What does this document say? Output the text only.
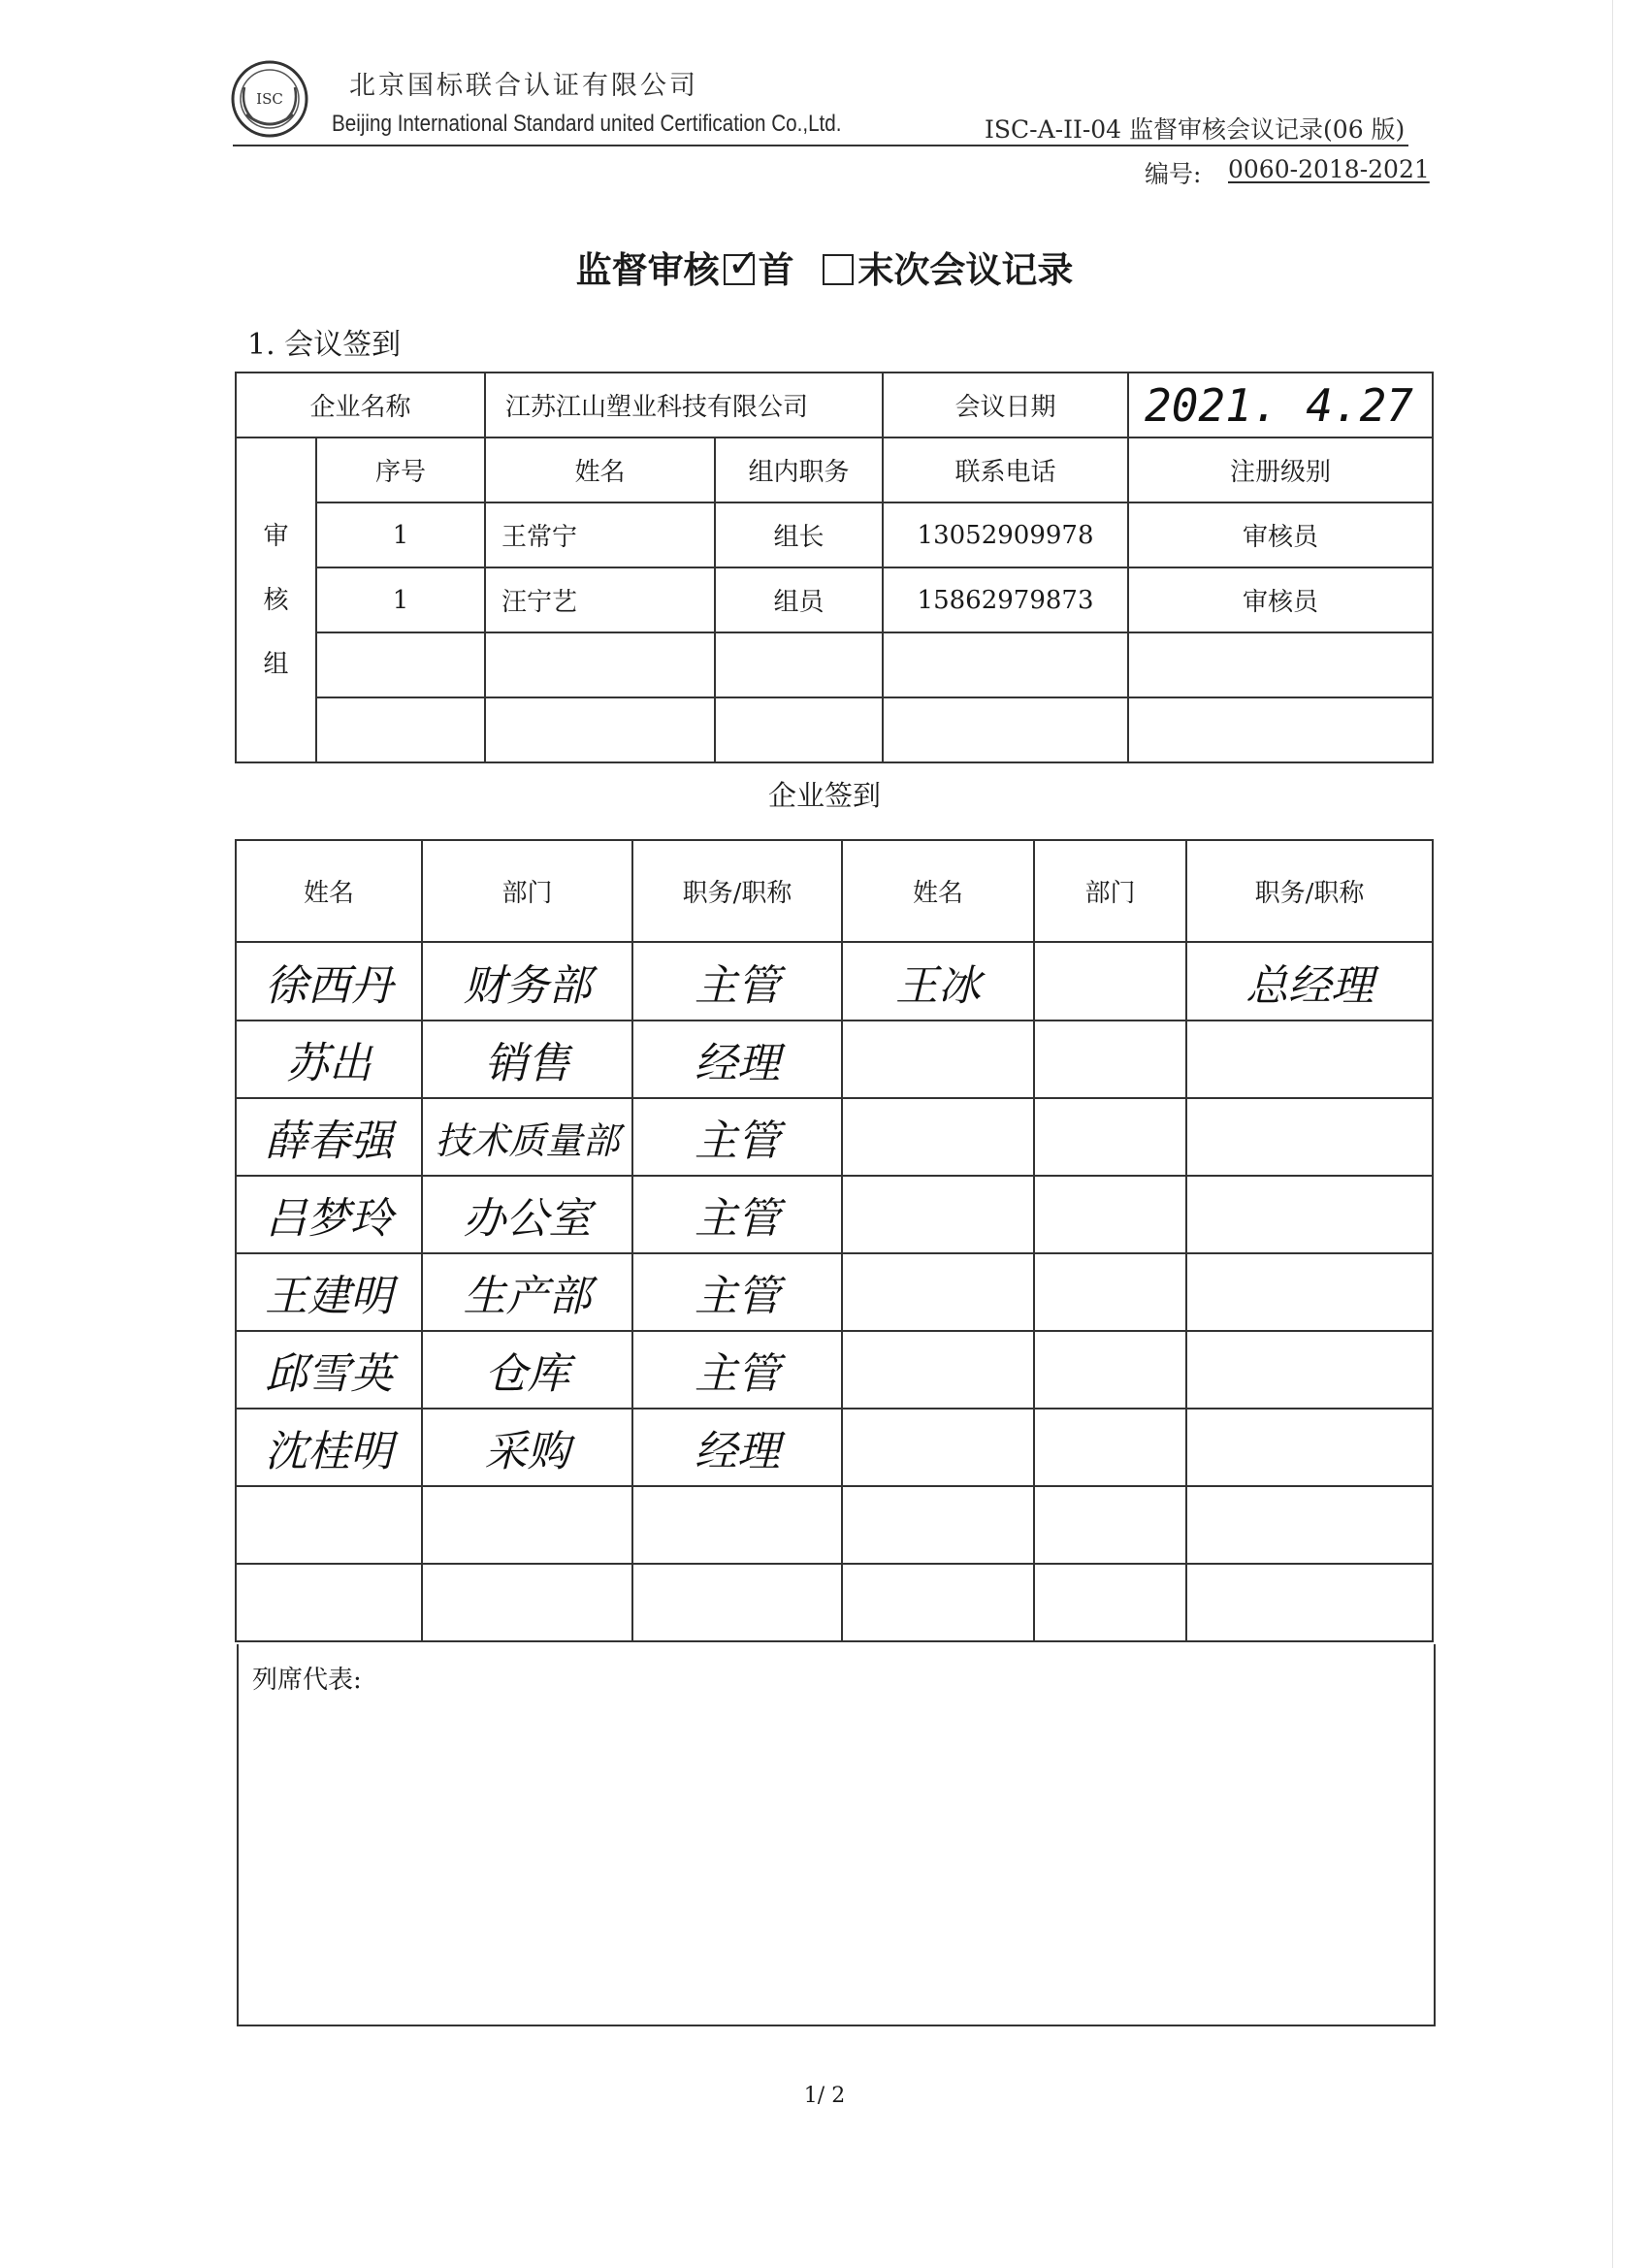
ISC	北京国标联合认证有限公司
Beijing International Standard united Certification Co.,Ltd.	ISC-A-II-04 监督审核会议记录(06 版)
编号: 0060-2018-2021
监督审核 ✓
首 末次会议记录
1. 会议签到
企业名称		江苏江山塑业科技有限公司		会议日期	2021. 4.27

审
核
组	序号	姓名	组内职务	联系电话	注册级别
	1	王常宁	组长	13052909978	审核员
	1	汪宁艺	组员	15862979873	审核员

企业签到
姓名	部门	职务/职称	姓名	部门	职务/职称
徐西丹	财务部	主管	王冰		总经理
苏出	销售	经理			
薛春强	技术质量部	主管			
吕梦玲	办公室	主管			
王建明	生产部	主管			
邱雪英	仓库	主管			
沈桂明	采购	经理			

列席代表:
1/ 2
